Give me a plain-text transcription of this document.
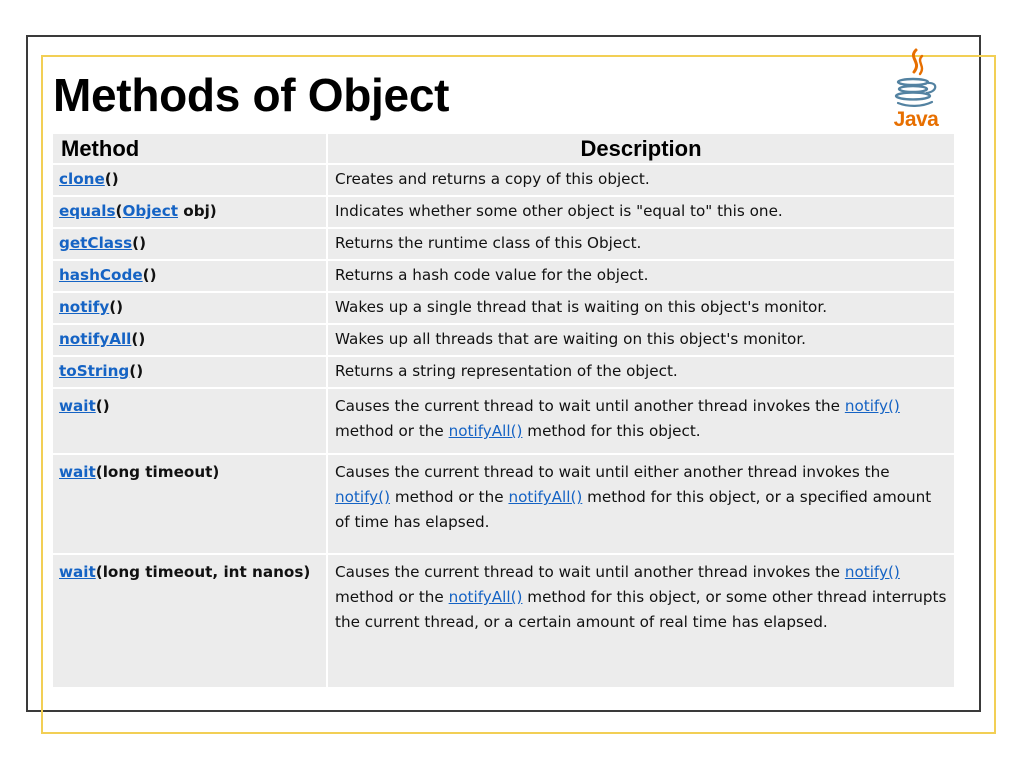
Methods of Object	Java
Method	Description
clone()	Creates and returns a copy of this object.
equals(Object obj)	Indicates whether some other object is "equal to" this one.
getClass()	Returns the runtime class of this Object.
hashCode()	Returns a hash code value for the object.
notify()	Wakes up a single thread that is waiting on this object's monitor.
notifyAll()	Wakes up all threads that are waiting on this object's monitor.
toString()	Returns a string representation of the object.
wait()	Causes the current thread to wait until another thread invokes the notify() method or the notifyAll() method for this object.
wait(long timeout)	Causes the current thread to wait until either another thread invokes the notify() method or the notifyAll() method for this object, or a specified amount of time has elapsed.
wait(long timeout, int nanos)	Causes the current thread to wait until another thread invokes the notify() method or the notifyAll() method for this object, or some other thread interrupts the current thread, or a certain amount of real time has elapsed.
